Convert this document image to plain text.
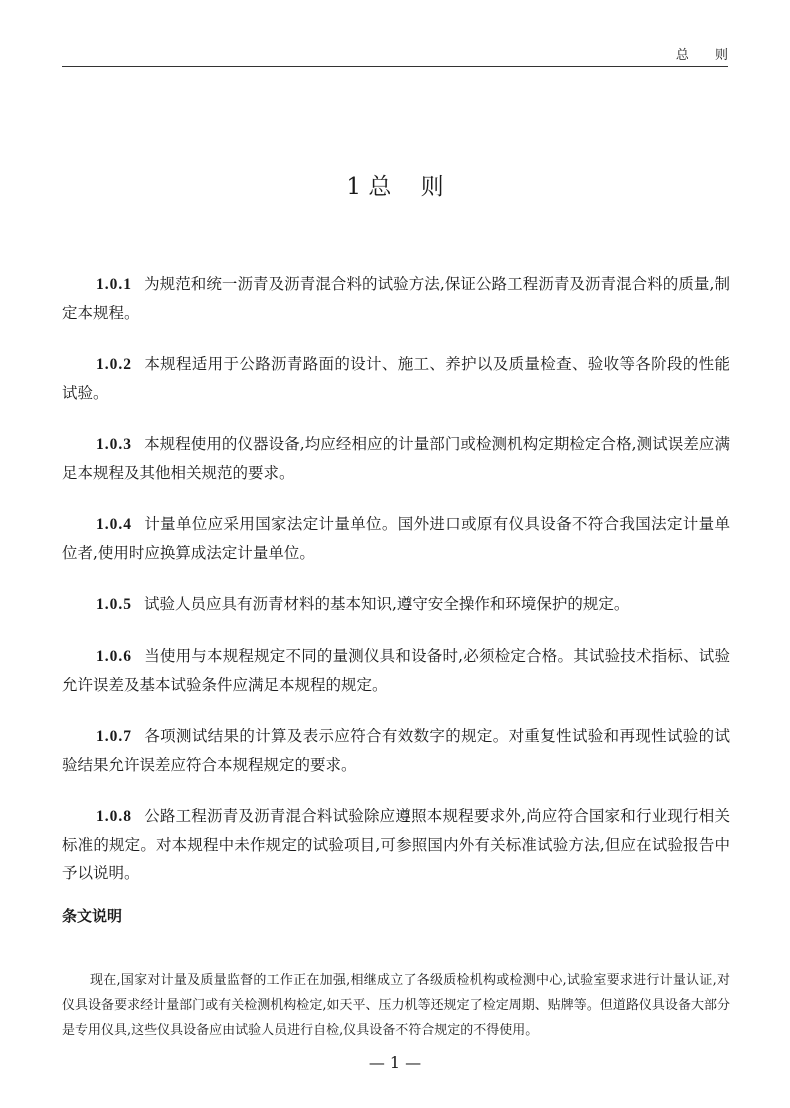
总 则
1 总    则

1.0.1 为规范和统一沥青及沥青混合料的试验方法,保证公路工程沥青及沥青混合料的质量,制定本规程。

1.0.2 本规程适用于公路沥青路面的设计、施工、养护以及质量检查、验收等各阶段的性能试验。

1.0.3 本规程使用的仪器设备,均应经相应的计量部门或检测机构定期检定合格,测试误差应满足本规程及其他相关规范的要求。

1.0.4 计量单位应采用国家法定计量单位。国外进口或原有仪具设备不符合我国法定计量单位者,使用时应换算成法定计量单位。

1.0.5 试验人员应具有沥青材料的基本知识,遵守安全操作和环境保护的规定。

1.0.6 当使用与本规程规定不同的量测仪具和设备时,必须检定合格。其试验技术指标、试验允许误差及基本试验条件应满足本规程的规定。

1.0.7 各项测试结果的计算及表示应符合有效数字的规定。对重复性试验和再现性试验的试验结果允许误差应符合本规程规定的要求。

1.0.8 公路工程沥青及沥青混合料试验除应遵照本规程要求外,尚应符合国家和行业现行相关标准的规定。对本规程中未作规定的试验项目,可参照国内外有关标准试验方法,但应在试验报告中予以说明。

条文说明

现在,国家对计量及质量监督的工作正在加强,相继成立了各级质检机构或检测中心,试验室要求进行计量认证,对仪具设备要求经计量部门或有关检测机构检定,如天平、压力机等还规定了检定周期、贴牌等。但道路仪具设备大部分是专用仪具,这些仪具设备应由试验人员进行自检,仪具设备不符合规定的不得使用。

— 1 —
